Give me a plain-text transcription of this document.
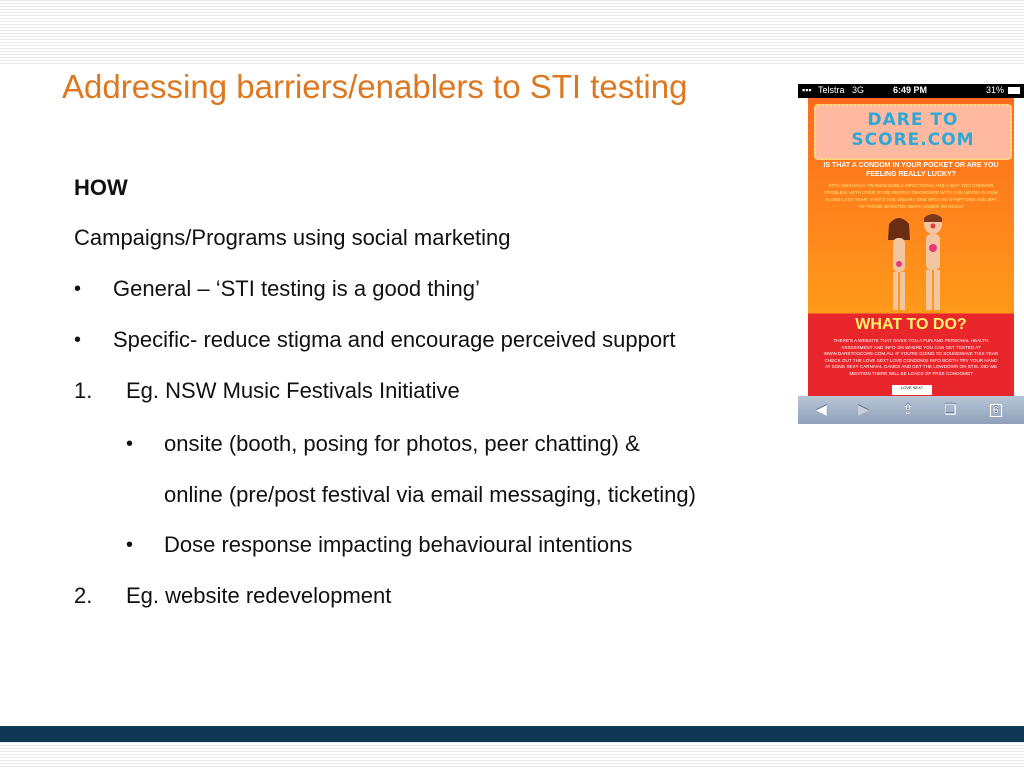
Addressing barriers/enablers to STI testing
HOW
Campaigns/Programs using social marketing
• General – ‘STI testing is a good thing’
• Specific- reduce stigma and encourage perceived support
1. Eg. NSW Music Festivals Initiative
• onsite (booth, posing for photos, peer chatting) &
online (pre/post festival via email messaging, ticketing)
• Dose response impacting behavioural intentions
2. Eg. website redevelopment
▪▪▪ Telstra 3G	6:49 PM	31%
DARE TO
SCORE.COM
IS THAT A CONDOM IN YOUR POCKET OR ARE YOU FEELING REALLY LUCKY?
STI'S (SEXUALLY TRANSMISSIBLE INFECTIONS) ARE A WAY TOO COMMON PROBLEM, WITH OVER 20 000 PEOPLE DIAGNOSED WITH CHLAMYDIA IN NSW ALONE LAST YEAR. THAT'S THE SNEAKY ONE WITH NO SYMPTOMS AND 80% OF THOSE INFECTED WERE UNDER 29! OUCH!
WHAT TO DO?
THERE'S A WEBSITE THAT GIVES YOU A FUN AND PERSONAL HEALTH ASSESSMENT AND INFO ON WHERE YOU CAN GET TESTED AT WWW.DARETOSCORE.COM.AU. IF YOU'RE GOING TO SOUNDWAVE THIS YEAR CHECK OUT THE LOVE SEX? LOVE CONDOMS! INFO BOOTH TRY YOUR HAND AT SOME SEXY CARNIVAL GAMES AND GET THE LOWDOWN ON STIS. DID WE MENTION THERE WILL BE LOADS OF FREE CONDOMS?
LOVE SEX?
◀ ▶ ⇪ ❏	6
